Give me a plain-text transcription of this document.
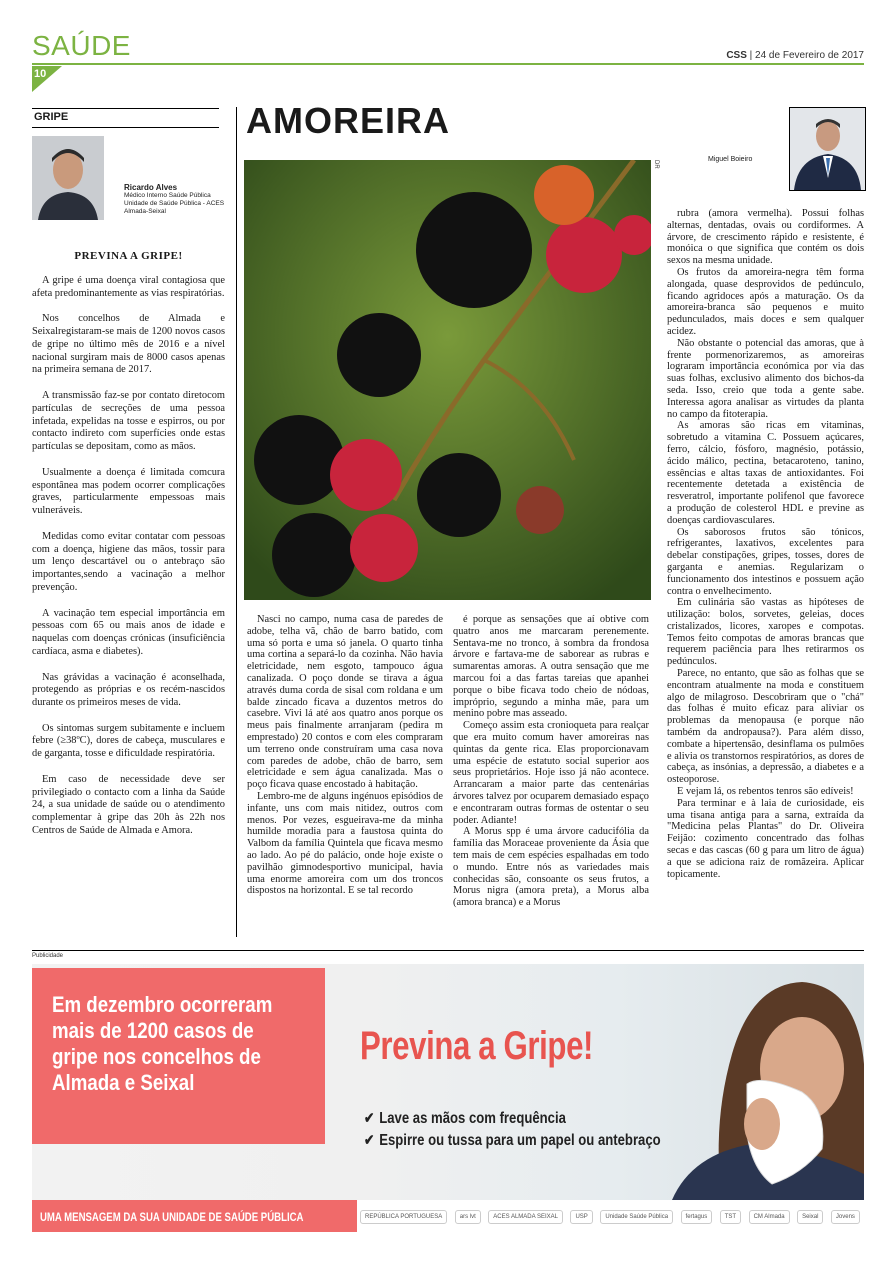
SAÚDE
10
CSS | 24 de Fevereiro de 2017
GRIPE
Ricardo Alves
Médico Interno Saúde Pública
Unidade de Saúde Pública - ACES
Almada-Seixal
PREVINA A GRIPE!

A gripe é uma doença viral contagiosa que afeta predominantemente as vias respiratórias.

Nos concelhos de Almada e Seixalregistaram-se mais de 1200 novos casos de gripe no último mês de 2016 e a nível nacional surgiram mais de 8000 casos apenas na primeira semana de 2017.

A transmissão faz-se por contato diretocom partículas de secreções de uma pessoa infetada, expelidas na tosse e espirros, ou por contacto indireto com superfícies onde estas partículas se depositam, como as mãos.

Usualmente a doença é limitada comcura espontânea mas podem ocorrer complicações graves, particularmente empessoas mais vulneráveis.

Medidas como evitar contatar com pessoas com a doença, higiene das mãos, tossir para um lenço descartável ou o antebraço são importantes,sendo a vacinação a melhor prevenção.

A vacinação tem especial importância em pessoas com 65 ou mais anos de idade e naquelas com doenças crónicas (insuficiência cardíaca, asma e diabetes).

Nas grávidas a vacinação é aconselhada, protegendo as próprias e os recém-nascidos durante os primeiros meses de vida.

Os sintomas surgem subitamente e incluem febre (≥38ºC), dores de cabeça, musculares e de garganta, tosse e dificuldade respiratória.

Em caso de necessidade deve ser privilegiado o contacto com a linha da Saúde 24, a sua unidade de saúde ou o atendimento complementar à gripe das 20h às 22h nos Centros de Saúde de Almada e Amora.

AMOREIRA
DR
Miguel Boieiro

Nasci no campo, numa casa de paredes de adobe, telha vã, chão de barro batido, com uma só porta e uma só janela. O quarto tinha uma cortina a separá-lo da cozinha. Não havia eletricidade, nem esgoto, tampouco água canalizada. O poço donde se tirava a água através duma corda de sisal com roldana e um balde zincado ficava a duzentos metros do casebre. Vivi lá até aos quatro anos porque os meus pais finalmente arranjaram (pedira m emprestado) 20 contos e com eles compraram um terreno onde construíram uma casa nova com paredes de adobe, chão de barro, sem eletricidade e sem água canalizada. Mas o poço ficava quase encostado à habitação.

Lembro-me de alguns ingénuos episódios de infante, uns com mais nitidez, outros com menos. Por vezes, esgueirava-me da minha humilde moradia para a faustosa quinta do Valbom da família Quintela que ficava mesmo ao lado. Ao pé do palácio, onde hoje existe o pavilhão gimnodesportivo municipal, havia uma enorme amoreira com um dos troncos dispostos na horizontal. E se tal recordo

é porque as sensações que aí obtive com quatro anos me marcaram perenemente. Sentava-me no tronco, à sombra da frondosa árvore e fartava-me de saborear as rubras e sumarentas amoras. A outra sensação que me marcou foi a das fartas tareias que apanhei porque o bibe ficava todo cheio de nódoas, impróprio, segundo a minha mãe, para um menino pobre mas asseado.

Começo assim esta cronioqueta para realçar que era muito comum haver amoreiras nas quintas da gente rica. Elas proporcionavam uma espécie de estatuto social superior aos seus proprietários. Hoje isso já não acontece. Arrancaram a maior parte das centenárias árvores talvez por ocuparem demasiado espaço e encontraram outras formas de ostentar o seu poder. Adiante!

A Morus spp é uma árvore caducifólia da família das Moraceae proveniente da Ásia que tem mais de cem espécies espalhadas em todo o mundo. Entre nós as variedades mais conhecidas são, consoante os seus frutos, a Morus nigra (amora preta), a Morus alba (amora branca) e a Morus

rubra (amora vermelha). Possui folhas alternas, dentadas, ovais ou cordiformes. A árvore, de crescimento rápido e resistente, é monóica o que significa que contém os dois sexos na mesma unidade.

Os frutos da amoreira-negra têm forma alongada, quase desprovidos de pedúnculo, ficando agridoces após a maturação. Os da amoreira-branca são pequenos e muito pedunculados, mais doces e sem qualquer acidez.

Não obstante o potencial das amoras, que à frente pormenorizaremos, as amoreiras lograram importância económica por via das suas folhas, exclusivo alimento dos bichos-da seda. Isso, creio que toda a gente sabe. Interessa agora analisar as virtudes da planta no campo da fitoterapia.

As amoras são ricas em vitaminas, sobretudo a vitamina C. Possuem açúcares, ferro, cálcio, fósforo, magnésio, potássio, ácido málico, pectina, betacaroteno, tanino, essências e altas taxas de antioxidantes. Foi recentemente detetada a existência de resveratrol, importante polifenol que favorece a produção de colesterol HDL e previne as doenças cardiovasculares.

Os saborosos frutos são tónicos, refrigerantes, laxativos, excelentes para debelar constipações, gripes, tosses, dores de garganta e anemias. Regularizam o funcionamento dos intestinos e possuem ação contra o envelhecimento.

Em culinária são vastas as hipóteses de utilização: bolos, sorvetes, geleias, doces cristalizados, licores, xaropes e compotas. Temos feito compotas de amoras brancas que requerem paciência para lhes retirarmos os pedúnculos.

Parece, no entanto, que são as folhas que se encontram atualmente na moda e constituem algo de milagroso. Descobriram que o "chá" das folhas é muito eficaz para aliviar os problemas da menopausa (e porque não também da andropausa?). Para além disso, combate a hipertensão, desinflama os pulmões e alivia os transtornos respiratórios, as dores de cabeça, as insónias, a depressão, a diabetes e a osteoporose.

E vejam lá, os rebentos tenros são edíveis!

Para terminar e à laia de curiosidade, eis uma tisana antiga para a sarna, extraída da "Medicina pelas Plantas" do Dr. Oliveira Feijão: cozimento concentrado das folhas secas e das cascas (60 g para um litro de água) a que se adiciona raiz de romãzeira. Aplicar topicamente.

Publicidade
Em dezembro ocorreram mais de 1200 casos de gripe nos concelhos de Almada e Seixal
Previna a Gripe!
✔ Lave as mãos com frequência
✔ Espirre ou tussa para um papel ou antebraço
UMA MENSAGEM DA SUA UNIDADE DE SAÚDE PÚBLICA	REPÚBLICA PORTUGUESA	ars lvt	ACES ALMADA SEIXAL	USP	Unidade Saúde Pública	fertagus	TST	CM Almada	Seixal	Jovens
